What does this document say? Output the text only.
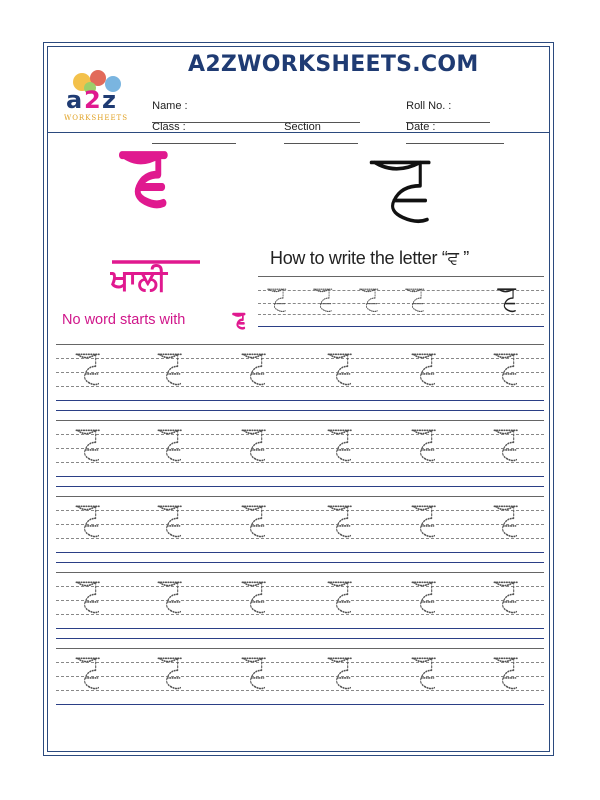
A2ZWORKSHEETS.COM
a 2 z
WORKSHEETS

Name :
	Roll No. :

Class :
	Section
	Date :

ਖਾਲੀ
How to write the letter “ਵ ”
No word starts with
